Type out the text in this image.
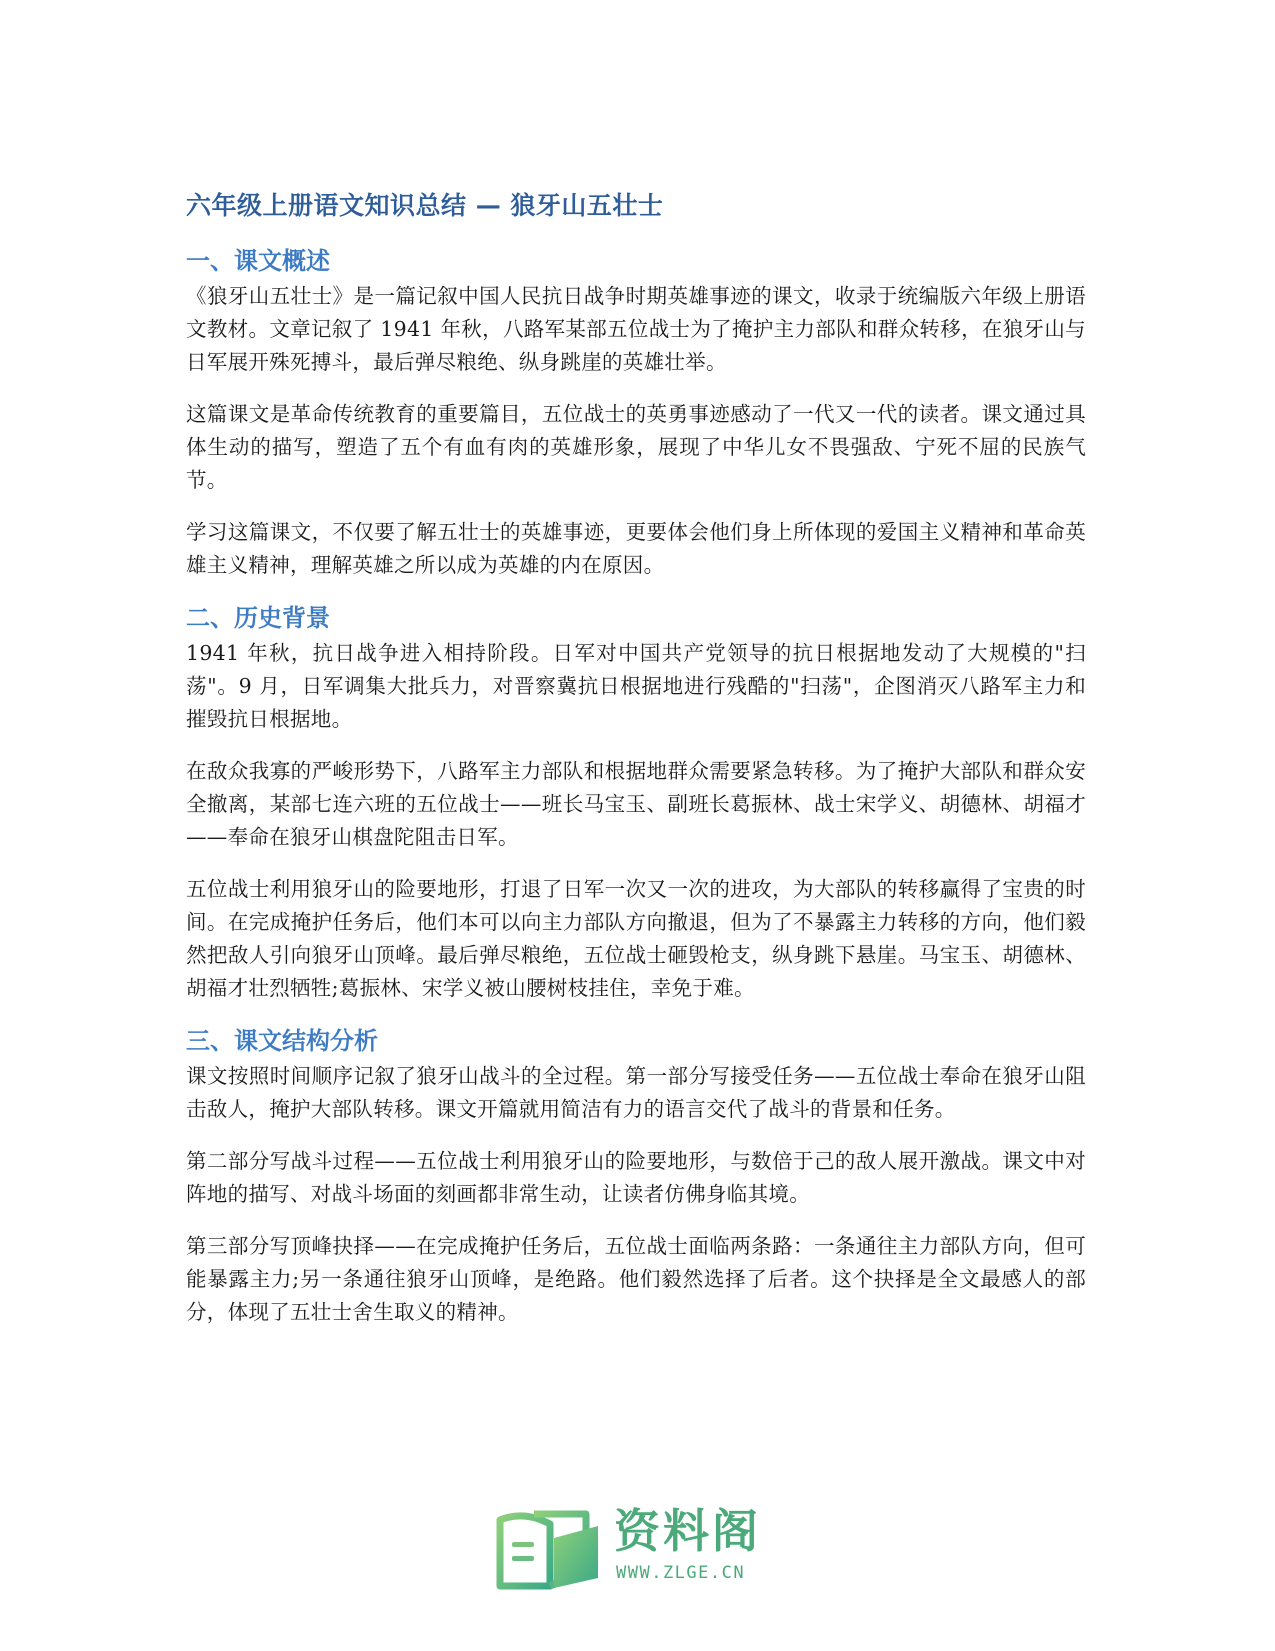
六年级上册语文知识总结 — 狼牙山五壮士
一、课文概述

《狼牙山五壮士》是一篇记叙中国人民抗日战争时期英雄事迹的课文，收录于统编版六年级上册语文教材。文章记叙了 1941 年秋，八路军某部五位战士为了掩护主力部队和群众转移，在狼牙山与日军展开殊死搏斗，最后弹尽粮绝、纵身跳崖的英雄壮举。

这篇课文是革命传统教育的重要篇目，五位战士的英勇事迹感动了一代又一代的读者。课文通过具体生动的描写，塑造了五个有血有肉的英雄形象，展现了中华儿女不畏强敌、宁死不屈的民族气节。

学习这篇课文，不仅要了解五壮士的英雄事迹，更要体会他们身上所体现的爱国主义精神和革命英雄主义精神，理解英雄之所以成为英雄的内在原因。

二、历史背景

1941 年秋，抗日战争进入相持阶段。日军对中国共产党领导的抗日根据地发动了大规模的"扫荡"。9 月，日军调集大批兵力，对晋察冀抗日根据地进行残酷的"扫荡"，企图消灭八路军主力和摧毁抗日根据地。

在敌众我寡的严峻形势下，八路军主力部队和根据地群众需要紧急转移。为了掩护大部队和群众安全撤离，某部七连六班的五位战士——班长马宝玉、副班长葛振林、战士宋学义、胡德林、胡福才——奉命在狼牙山棋盘陀阻击日军。

五位战士利用狼牙山的险要地形，打退了日军一次又一次的进攻，为大部队的转移赢得了宝贵的时间。在完成掩护任务后，他们本可以向主力部队方向撤退，但为了不暴露主力转移的方向，他们毅然把敌人引向狼牙山顶峰。最后弹尽粮绝，五位战士砸毁枪支，纵身跳下悬崖。马宝玉、胡德林、胡福才壮烈牺牲;葛振林、宋学义被山腰树枝挂住，幸免于难。

三、课文结构分析

课文按照时间顺序记叙了狼牙山战斗的全过程。第一部分写接受任务——五位战士奉命在狼牙山阻击敌人，掩护大部队转移。课文开篇就用简洁有力的语言交代了战斗的背景和任务。

第二部分写战斗过程——五位战士利用狼牙山的险要地形，与数倍于己的敌人展开激战。课文中对阵地的描写、对战斗场面的刻画都非常生动，让读者仿佛身临其境。

第三部分写顶峰抉择——在完成掩护任务后，五位战士面临两条路：一条通往主力部队方向，但可能暴露主力;另一条通往狼牙山顶峰，是绝路。他们毅然选择了后者。这个抉择是全文最感人的部分，体现了五壮士舍生取义的精神。

资料阁
WWW.ZLGE.CN
